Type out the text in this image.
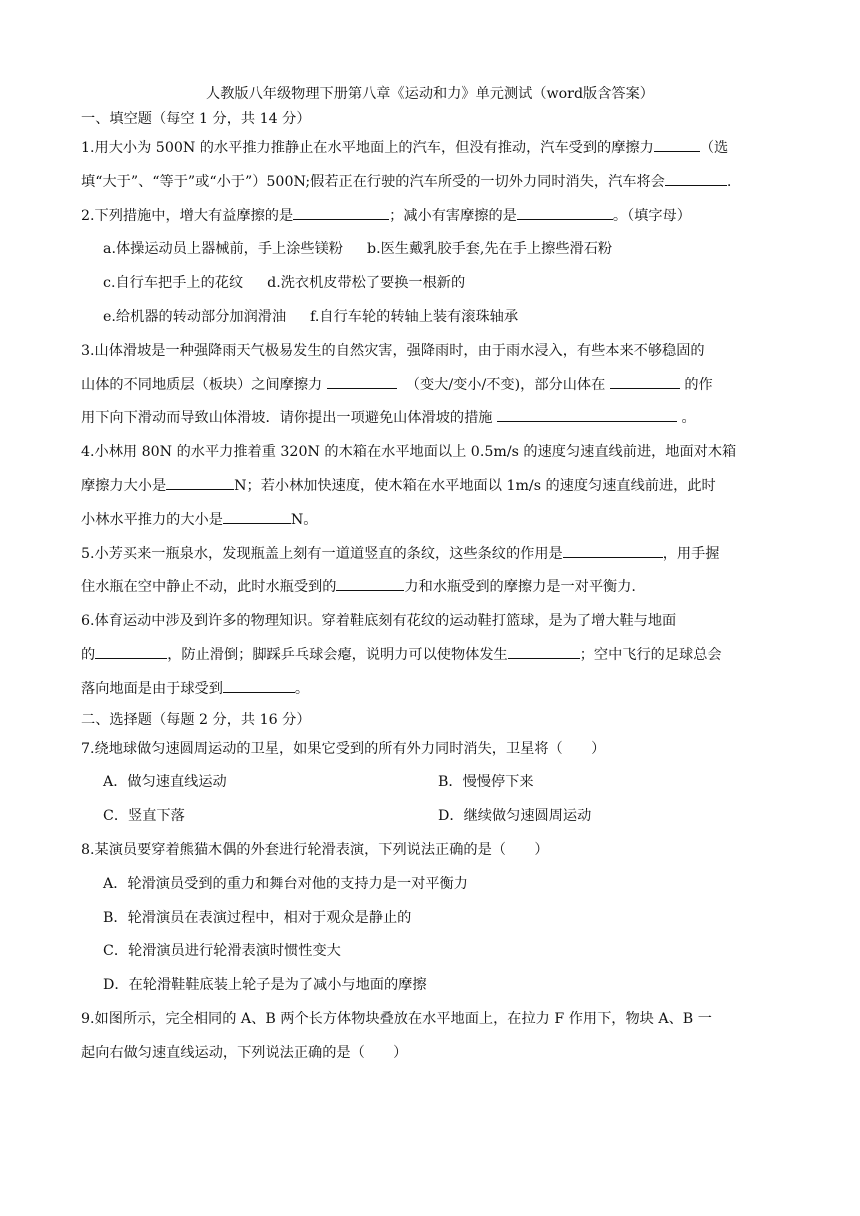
人教版八年级物理下册第八章《运动和力》单元测试（word版含答案）
一、填空题（每空 1 分，共 14 分）
1.用大小为 500N 的水平推力推静止在水平地面上的汽车，但没有推动，汽车受到的摩擦力	（选
填“大于”、“等于”或“小于”）500N;假若正在行驶的汽车所受的一切外力同时消失，汽车将会	.
2.下列措施中，增大有益摩擦的是	；减小有害摩擦的是	。（填字母）
a.体操运动员上器械前，手上涂些镁粉 b.医生戴乳胶手套,先在手上擦些滑石粉
c.自行车把手上的花纹 d.洗衣机皮带松了要换一根新的
e.给机器的转动部分加润滑油 f.自行车轮的转轴上装有滚珠轴承
3.山体滑坡是一种强降雨天气极易发生的自然灾害，强降雨时，由于雨水浸入，有些本来不够稳固的
山体的不同地质层（板块）之间摩擦力	（变大/变小/不变)，部分山体在	的作
用下向下滑动而导致山体滑坡．请你提出一项避免山体滑坡的措施	。
4.小林用 80N 的水平力推着重 320N 的木箱在水平地面以上 0.5m/s 的速度匀速直线前进，地面对木箱
摩擦力大小是	N；若小林加快速度，使木箱在水平地面以 1m/s 的速度匀速直线前进，此时
小林水平推力的大小是	N。
5.小芳买来一瓶泉水，发现瓶盖上刻有一道道竖直的条纹，这些条纹的作用是	，用手握
住水瓶在空中静止不动，此时水瓶受到的	力和水瓶受到的摩擦力是一对平衡力.
6.体育运动中涉及到许多的物理知识。穿着鞋底刻有花纹的运动鞋打篮球，是为了增大鞋与地面
的	，防止滑倒；脚踩乒乓球会瘪，说明力可以使物体发生	；空中飞行的足球总会
落向地面是由于球受到	。
二、选择题（每题 2 分，共 16 分）
7.绕地球做匀速圆周运动的卫星，如果它受到的所有外力同时消失，卫星将（　　）
A．做匀速直线运动	B．慢慢停下来
C．竖直下落	D．继续做匀速圆周运动
8.某演员要穿着熊猫木偶的外套进行轮滑表演，下列说法正确的是（　　）
A．轮滑演员受到的重力和舞台对他的支持力是一对平衡力
B．轮滑演员在表演过程中，相对于观众是静止的
C．轮滑演员进行轮滑表演时惯性变大
D．在轮滑鞋鞋底装上轮子是为了减小与地面的摩擦
9.如图所示，完全相同的 A、B 两个长方体物块叠放在水平地面上，在拉力 F 作用下，物块 A、B 一
起向右做匀速直线运动，下列说法正确的是（　　）
